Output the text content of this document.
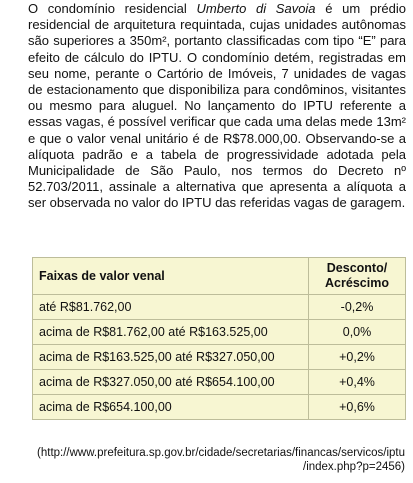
O condomínio residencial Umberto di Savoia é um prédio residencial de arquitetura requintada, cujas unidades autônomas são superiores a 350m², portanto classificadas com tipo “E” para efeito de cálculo do IPTU. O condomínio detém, registradas em seu nome, perante o Cartório de Imóveis, 7 unidades de vagas de estacionamento que disponibiliza para condôminos, visitantes ou mesmo para aluguel. No lançamento do IPTU referente a essas vagas, é possível verificar que cada uma delas mede 13m² e que o valor venal unitário é de R$78.000,00. Observando-se a alíquota padrão e a tabela de progressividade adotada pela Municipalidade de São Paulo, nos termos do Decreto nº 52.703/2011, assinale a alternativa que apresenta a alíquota a ser observada no valor do IPTU das referidas vagas de garagem.

Faixas de valor venal	Desconto/
Acréscimo
até R$81.762,00	-0,2%
acima de R$81.762,00 até R$163.525,00	0,0%
acima de R$163.525,00 até R$327.050,00	+0,2%
acima de R$327.050,00 até R$654.100,00	+0,4%
acima de R$654.100,00	+0,6%

(http://www.prefeitura.sp.gov.br/cidade/secretarias/financas/servicos/iptu
/index.php?p=2456)
